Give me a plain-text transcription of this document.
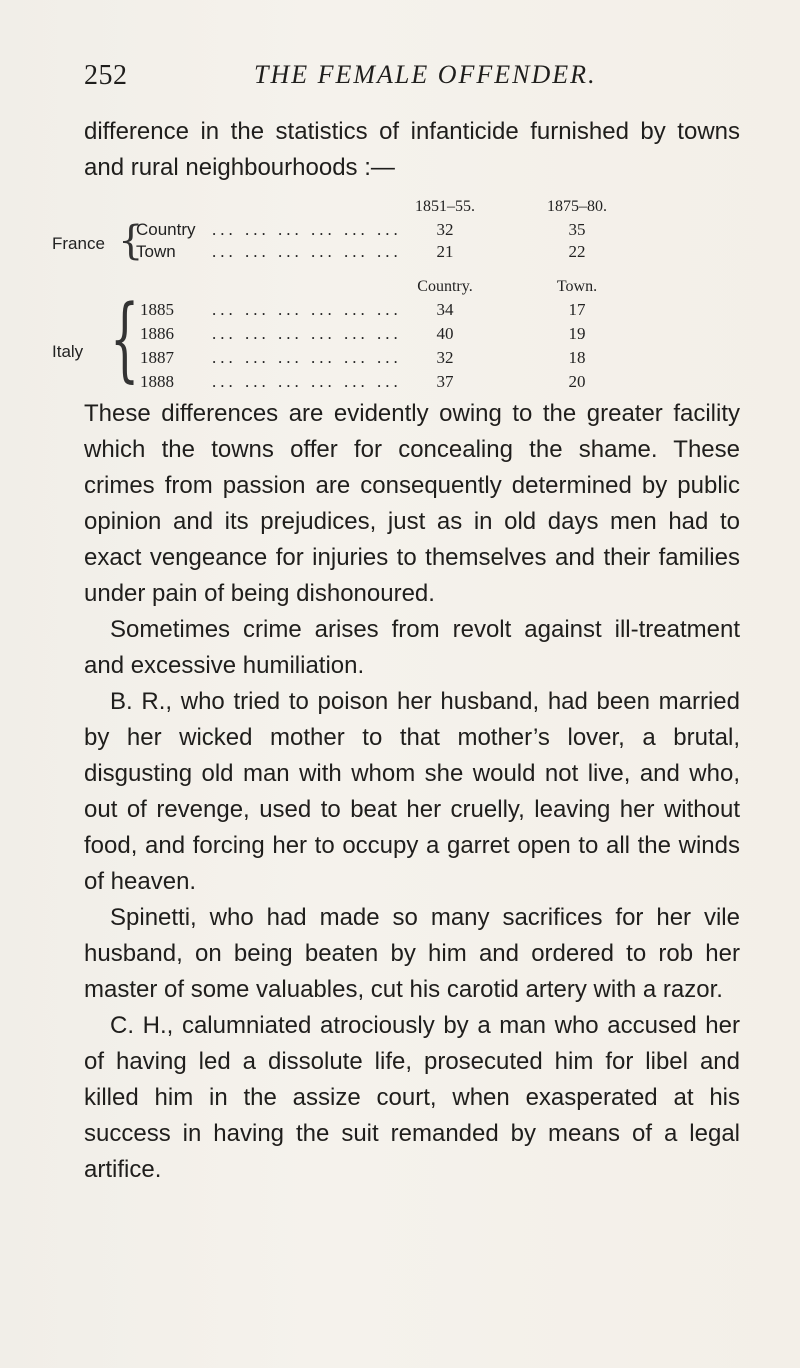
252	THE FEMALE OFFENDER.

difference in the statistics of infanticide furnished by towns and rural neighbourhoods :—

1851–55.	1875–80.
France {
Country ... ... ... ... ... ...	32	35
Town ... ... ... ... ... ...	21	22
Country.	Town.
Italy { 1885 ... ... ... ... ... ...	34	17
1886 ... ... ... ... ... ...	40	19
1887 ... ... ... ... ... ...	32	18
1888 ... ... ... ... ... ...	37	20

These differences are evidently owing to the greater facility which the towns offer for concealing the shame. These crimes from passion are consequently determined by public opinion and its prejudices, just as in old days men had to exact vengeance for injuries to themselves and their families under pain of being dishonoured.

Sometimes crime arises from revolt against ill-treatment and excessive humiliation.

B. R., who tried to poison her husband, had been married by her wicked mother to that mother’s lover, a brutal, disgusting old man with whom she would not live, and who, out of revenge, used to beat her cruelly, leaving her without food, and forcing her to occupy a garret open to all the winds of heaven.

Spinetti, who had made so many sacrifices for her vile husband, on being beaten by him and ordered to rob her master of some valuables, cut his carotid artery with a razor.

C. H., calumniated atrociously by a man who accused her of having led a dissolute life, prosecuted him for libel and killed him in the assize court, when exasperated at his success in having the suit remanded by means of a legal artifice.
